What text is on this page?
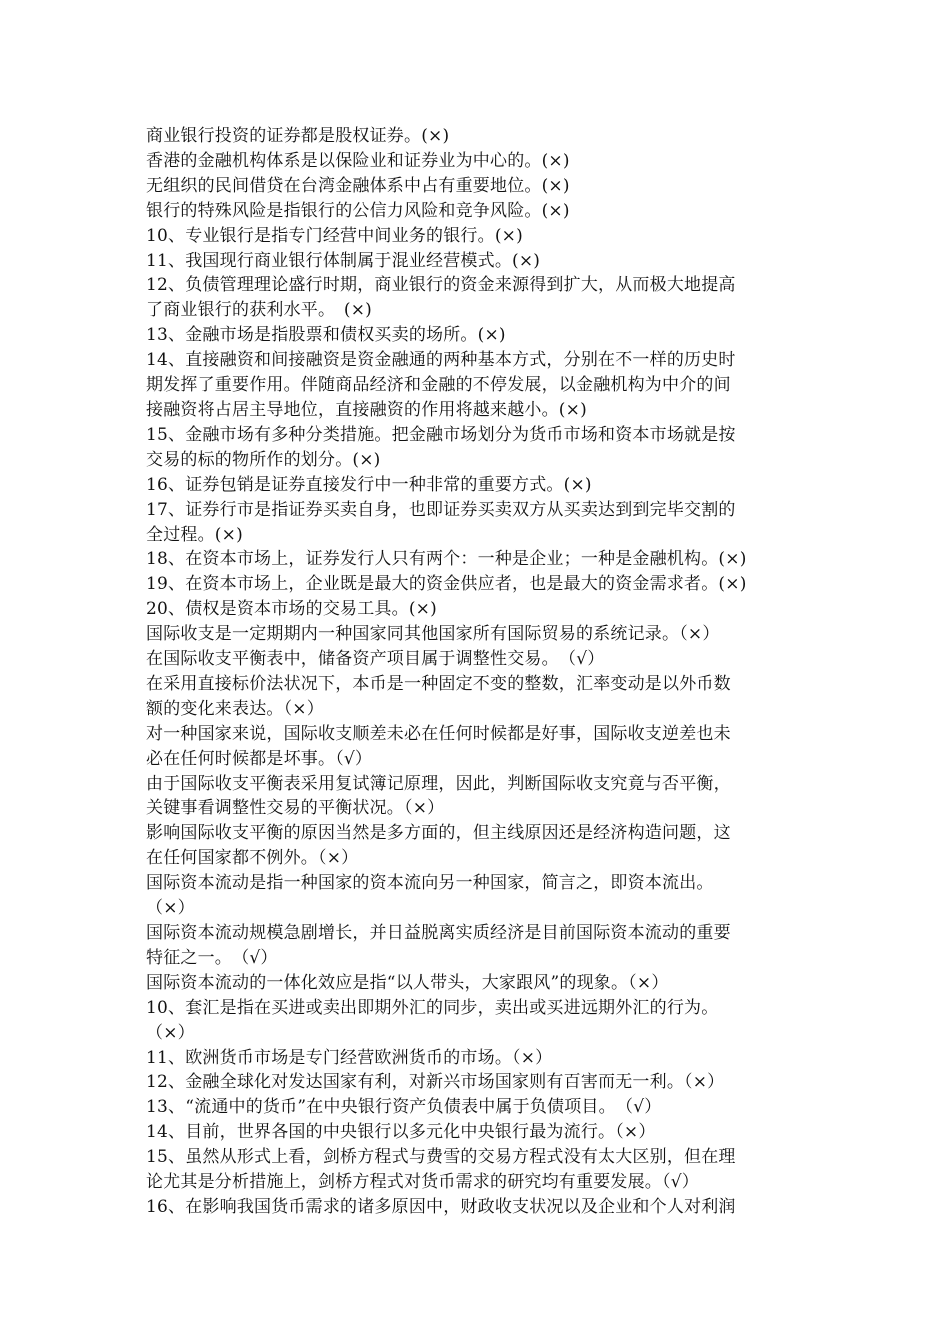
商业银行投资的证券都是股权证券。(×)
香港的金融机构体系是以保险业和证券业为中心的。(×)
无组织的民间借贷在台湾金融体系中占有重要地位。(×)
银行的特殊风险是指银行的公信力风险和竞争风险。(×)
10、专业银行是指专门经营中间业务的银行。(×)
11、我国现行商业银行体制属于混业经营模式。(×)
12、负债管理理论盛行时期，商业银行的资金来源得到扩大，从而极大地提高
了商业银行的获利水平。　(×)
13、金融市场是指股票和债权买卖的场所。(×)
14、直接融资和间接融资是资金融通的两种基本方式，分别在不一样的历史时
期发挥了重要作用。伴随商品经济和金融的不停发展，以金融机构为中介的间
接融资将占居主导地位，直接融资的作用将越来越小。(×)
15、金融市场有多种分类措施。把金融市场划分为货币市场和资本市场就是按
交易的标的物所作的划分。(×)
16、证券包销是证券直接发行中一种非常的重要方式。(×)
17、证券行市是指证券买卖自身，也即证券买卖双方从买卖达到到完毕交割的
全过程。(×)
18、在资本市场上，证券发行人只有两个：一种是企业；一种是金融机构。(×)
19、在资本市场上，企业既是最大的资金供应者，也是最大的资金需求者。(×)
20、债权是资本市场的交易工具。(×)
国际收支是一定期期内一种国家同其他国家所有国际贸易的系统记录。（×）
在国际收支平衡表中，储备资产项目属于调整性交易。　（√）
在采用直接标价法状况下，本币是一种固定不变的整数，汇率变动是以外币数
额的变化来表达。（×）
对一种国家来说，国际收支顺差未必在任何时候都是好事，国际收支逆差也未
必在任何时候都是坏事。（√）
由于国际收支平衡表采用复试簿记原理，因此，判断国际收支究竟与否平衡，
关键事看调整性交易的平衡状况。（×）
影响国际收支平衡的原因当然是多方面的，但主线原因还是经济构造问题，这
在任何国家都不例外。（×）
国际资本流动是指一种国家的资本流向另一种国家，简言之，即资本流出。
（×）
国际资本流动规模急剧增长，并日益脱离实质经济是目前国际资本流动的重要
特征之一。　（√）
国际资本流动的一体化效应是指“以人带头，大家跟风”的现象。（×）
10、套汇是指在买进或卖出即期外汇的同步，卖出或买进远期外汇的行为。
（×）
11、欧洲货币市场是专门经营欧洲货币的市场。（×）
12、金融全球化对发达国家有利，对新兴市场国家则有百害而无一利。（×）
13、“流通中的货币”在中央银行资产负债表中属于负债项目。　（√）
14、目前，世界各国的中央银行以多元化中央银行最为流行。（×）
15、虽然从形式上看，剑桥方程式与费雪的交易方程式没有太大区别，但在理
论尤其是分析措施上，剑桥方程式对货币需求的研究均有重要发展。（√）
16、在影响我国货币需求的诸多原因中，财政收支状况以及企业和个人对利润
